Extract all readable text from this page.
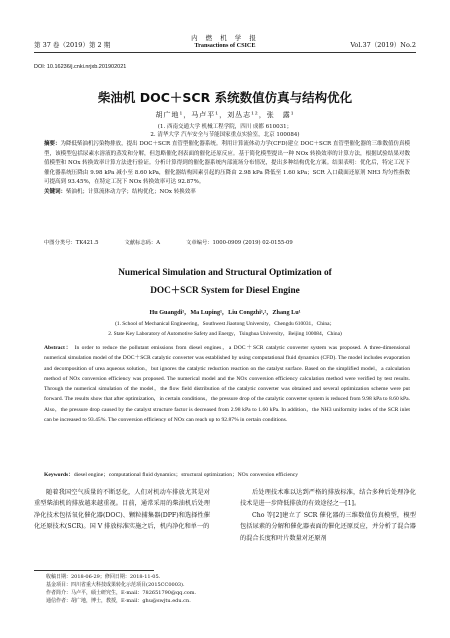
第 37 卷（2019）第 2 期
内 燃 机 学 报
Transactions of CSICE	Vol.37（2019）No.2
DOI: 10.16236/j.cnki.nrjxb.201902021
柴油机 DOC＋SCR 系统数值仿真与结构优化
胡广地¹，马卢平¹，刘丛志¹²，张　露¹
(1. 西南交通大学 机械工程学院，四川 成都 610031；
2. 清华大学 汽车安全与节能国家重点实验室，北京 100084)
摘要：为降低柴油机污染物排放，提出 DOC＋SCR 直管型催化器系统。利用计算流体动力学(CFD)建立 DOC＋SCR 直管型催化器的三维数值仿真模型，该模型包括尿素水溶液的蒸发和分解，但忽略催化剂表面的催化还原反应。基于简化模型提出一种 NOx 转换效率的计算方法，根据试验结果对数值模型和 NOx 转换效率计算方法进行验证。分析计算得到的催化器系统内部流场分布情况，提出多种结构优化方案。结果表明：优化后，特定工况下催化器系统压降由 9.98 kPa 减小至 8.60 kPa，催化器结构因素引起的压降由 2.98 kPa 降低至 1.60 kPa；SCR 入口截面还原剂 NH3 均匀性指数可提高到 93.45%，在特定工况下 NOx 转换效率可达 92.87%。
关键词：柴油机；计算流体动力学；结构优化；NOx 转换效率
中图分类号：TK421.5	文献标志码：A	文章编号：1000-0909 (2019) 02-0155-09
Numerical Simulation and Structural Optimization of
DOC＋SCR System for Diesel Engine
Hu Guangdi¹，Ma Luping¹，Liu Congzhi¹,²，Zhang Lu¹
(1. School of Mechanical Engineering，Southwest Jiaotong University，Chengdu 610031，China；
2. State Key Laboratory of Automotive Safety and Energy，Tsinghua University，Beijing 100084，China)
Abstract： In order to reduce the pollutant emissions from diesel engines，a DOC＋SCR catalytic converter system was proposed. A three-dimensional numerical simulation model of the DOC＋SCR catalytic converter was established by using computational fluid dynamics (CFD). The model includes evaporation and decomposition of urea aqueous solution，but ignores the catalytic reduction reaction on the catalyst surface. Based on the simplified model，a calculation method of NOx conversion efficiency was proposed. The numerical model and the NOx conversion efficiency calculation method were verified by test results. Through the numerical simulation of the model，the flow field distribution of the catalytic converter was obtained and several optimization scheme were put forward. The results show that after optimization，in certain conditions，the pressure drop of the catalytic converter system is reduced from 9.98 kPa to 8.60 kPa. Also，the pressure drop caused by the catalyst structure factor is decreased from 2.98 kPa to 1.60 kPa. In addition，the NH3 uniformity index of the SCR inlet can be increased to 93.45%. The conversion efficiency of NOx can reach up to 92.87% in certain conditions.
Keywords：diesel engine；computational fluid dynamics；structural optimization；NOx conversion efficiency
随着我国空气质量的不断恶化，人们对机动车排放尤其是对重型柴油机的排放越来越重视。目前，通常采用的柴油机后处理净化技术包括氧化催化器(DOC)、颗粒捕集器(DPF)和选择性催化还原技术(SCR)。国 V 排放标准实施之后，机内净化和单一的

后处理技术难以达到严格的排放标准，结合多种后处理净化技术是进一步降低排放的有效途径之一[1]。

Cho 等[2]建立了 SCR 催化器的三维数值仿真模型，模型包括尿素的分解和催化器表面的催化还原反应，并分析了混合器的混合长度和叶片数量对还原剂

收稿日期：2018-06-29；修回日期：2018-11-05.
基金项目：四川省重大科技成果转化示范项目(2015CC0003).
作者简介：马卢平，硕士研究生，E-mail：782651790@qq.com.
通信作者：胡广地，博士，教授，E-mail：ghu@swjtu.edu.cn.
